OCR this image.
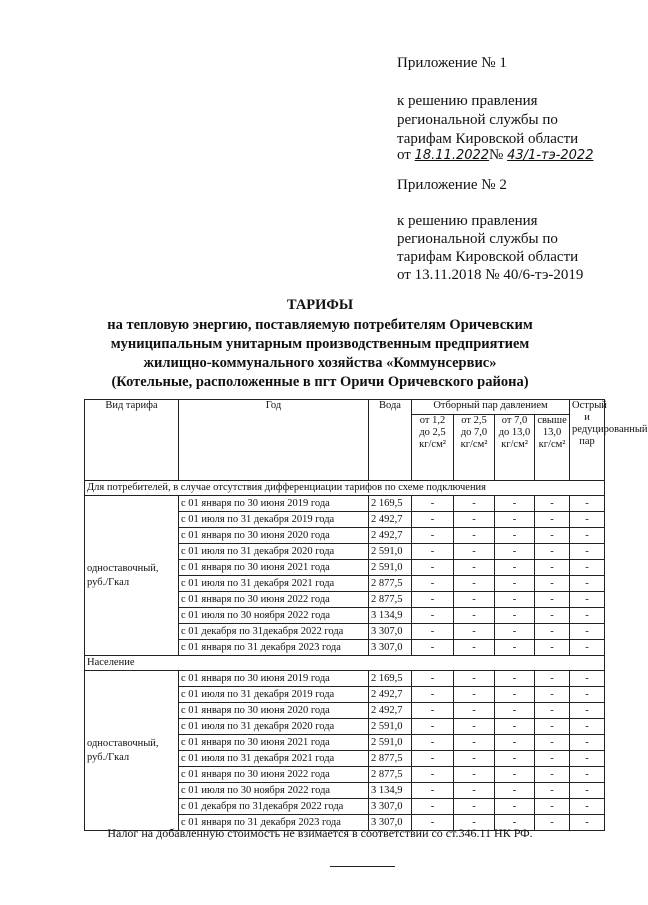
Приложение № 1
к решению правления
региональной службы по
тарифам Кировской области
от 18.11.2022№ 43/1-тэ-2022
Приложение № 2
к решению правления
региональной службы по
тарифам Кировской области
от 13.11.2018 № 40/6-тэ-2019
ТАРИФЫ
на тепловую энергию, поставляемую потребителям Оричевским
муниципальным унитарным производственным предприятием
жилищно-коммунального хозяйства «Коммунсервис»
(Котельные, расположенные в пгт Оричи Оричевского района)
Вид тарифа	Год	Вода	Отборный пар давлением				Острый и редуцированный пар
			от 1,2 до 2,5 кг/см²	от 2,5 до 7,0 кг/см²	от 7,0 до 13,0 кг/см²	свыше 13,0 кг/см²	
Для потребителей, в случае отсутствия дифференциации тарифов по схеме подключения							
одноставочный, руб./Гкал	с 01 января по 30 июня 2019 года	2 169,5	-	-	-	-	-
	с 01 июля по 31 декабря 2019 года	2 492,7	-	-	-	-	-
	с 01 января по 30 июня 2020 года	2 492,7	-	-	-	-	-
	с 01 июля по 31 декабря 2020 года	2 591,0	-	-	-	-	-
	с 01 января по 30 июня 2021 года	2 591,0	-	-	-	-	-
	с 01 июля по 31 декабря 2021 года	2 877,5	-	-	-	-	-
	с 01 января по 30 июня 2022 года	2 877,5	-	-	-	-	-
	с 01 июля по 30 ноября 2022 года	3 134,9	-	-	-	-	-
	с 01 декабря по 31декабря 2022 года	3 307,0	-	-	-	-	-
	с 01 января по 31 декабря 2023 года	3 307,0	-	-	-	-	-
Население							
одноставочный, руб./Гкал	с 01 января по 30 июня 2019 года	2 169,5	-	-	-	-	-
	с 01 июля по 31 декабря 2019 года	2 492,7	-	-	-	-	-
	с 01 января по 30 июня 2020 года	2 492,7	-	-	-	-	-
	с 01 июля по 31 декабря 2020 года	2 591,0	-	-	-	-	-
	с 01 января по 30 июня 2021 года	2 591,0	-	-	-	-	-
	с 01 июля по 31 декабря 2021 года	2 877,5	-	-	-	-	-
	с 01 января по 30 июня 2022 года	2 877,5	-	-	-	-	-
	с 01 июля по 30 ноября 2022 года	3 134,9	-	-	-	-	-
	с 01 декабря по 31декабря 2022 года	3 307,0	-	-	-	-	-
	с 01 января по 31 декабря 2023 года	3 307,0	-	-	-	-	-
Налог на добавленную стоимость не взимается в соответствии со ст.346.11 НК РФ.
